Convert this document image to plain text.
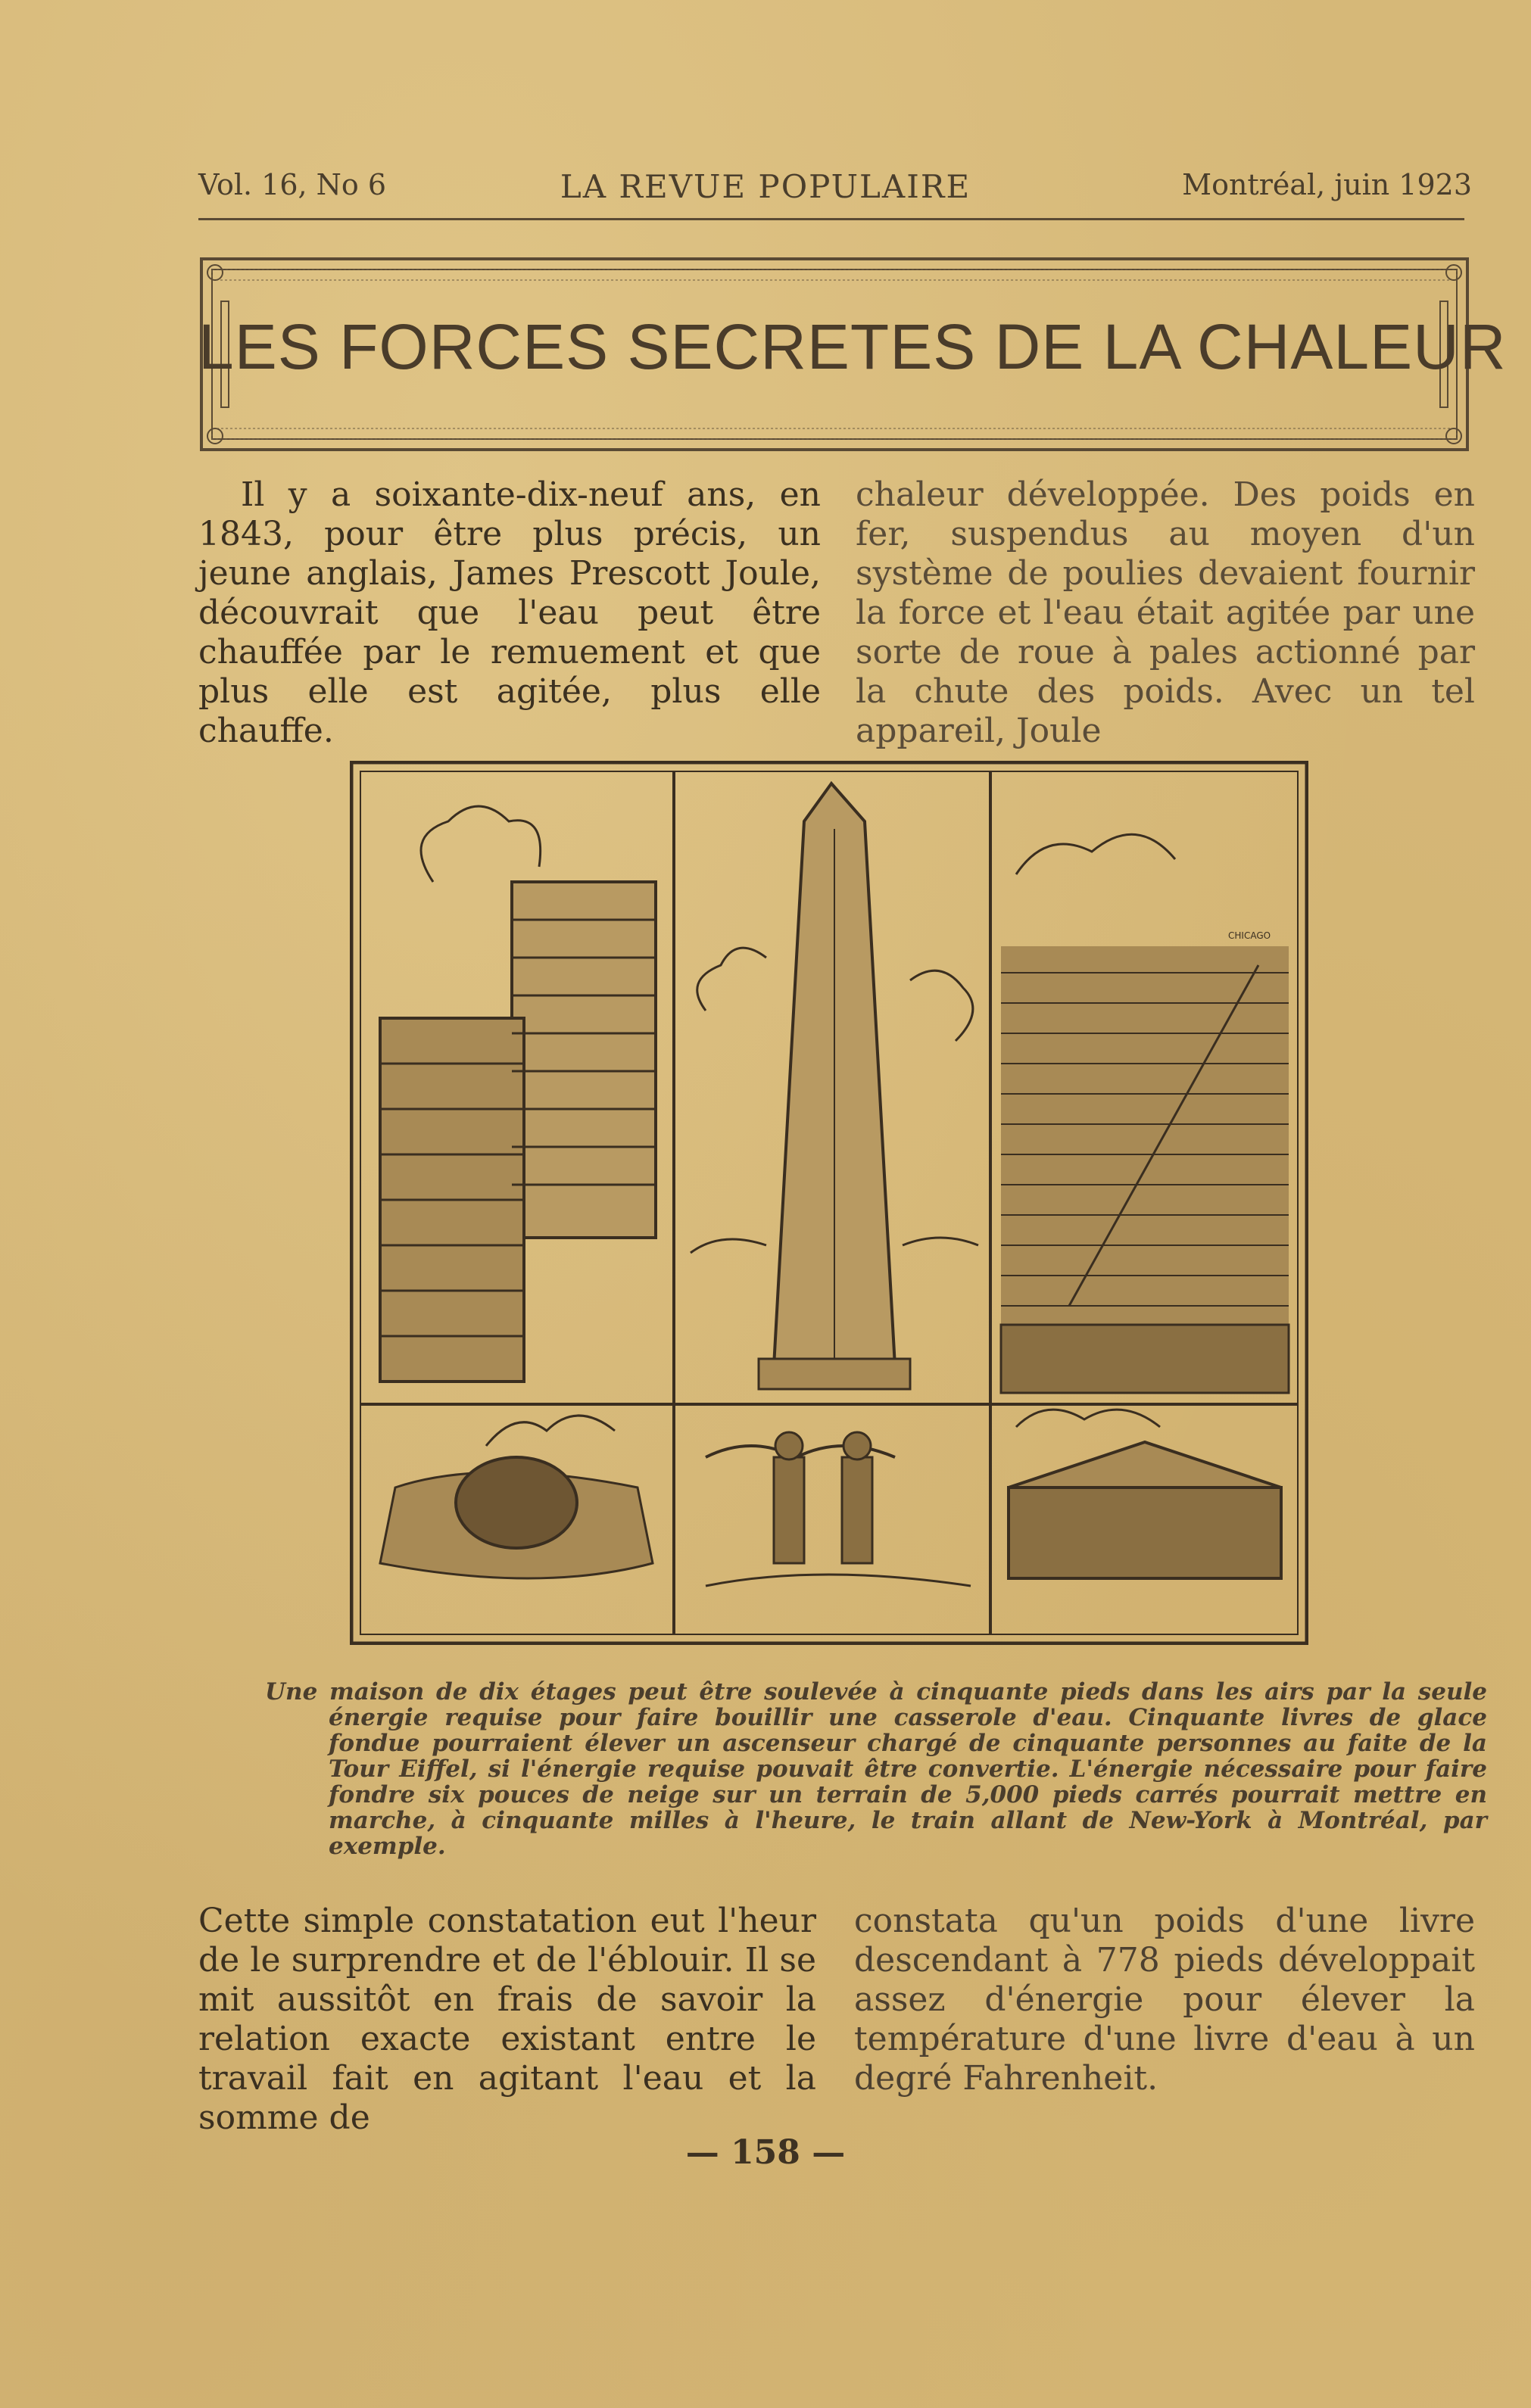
Vol. 16, No 6	LA REVUE POPULAIRE	Montréal, juin 1923
LES FORCES SECRETES DE LA CHALEUR

Il y a soixante-dix-neuf ans, en 1843, pour être plus précis, un jeune anglais, James Prescott Joule, découvrait que l'eau peut être chauffée par le remuement et que plus elle est agitée, plus elle chauffe.

chaleur développée. Des poids en fer, suspendus au moyen d'un système de poulies devaient fournir la force et l'eau était agitée par une sorte de roue à pales actionné par la chute des poids. Avec un tel appareil, Joule

CHICAGO
Une maison de dix étages peut être soulevée à cinquante pieds dans les airs par la seule énergie requise pour faire bouillir une casserole d'eau. Cinquante livres de glace fondue pourraient élever un ascenseur chargé de cinquante personnes au faite de la Tour Eiffel, si l'énergie requise pouvait être convertie. L'énergie nécessaire pour faire fondre six pouces de neige sur un terrain de 5,000 pieds carrés pourrait mettre en marche, à cinquante milles à l'heure, le train allant de New-York à Montréal, par exemple.

Cette simple constatation eut l'heur de le surprendre et de l'éblouir. Il se mit aussitôt en frais de savoir la relation exacte existant entre le travail fait en agitant l'eau et la somme de

constata qu'un poids d'une livre descendant à 778 pieds développait assez d'énergie pour élever la température d'une livre d'eau à un degré Fahrenheit.

— 158 —
